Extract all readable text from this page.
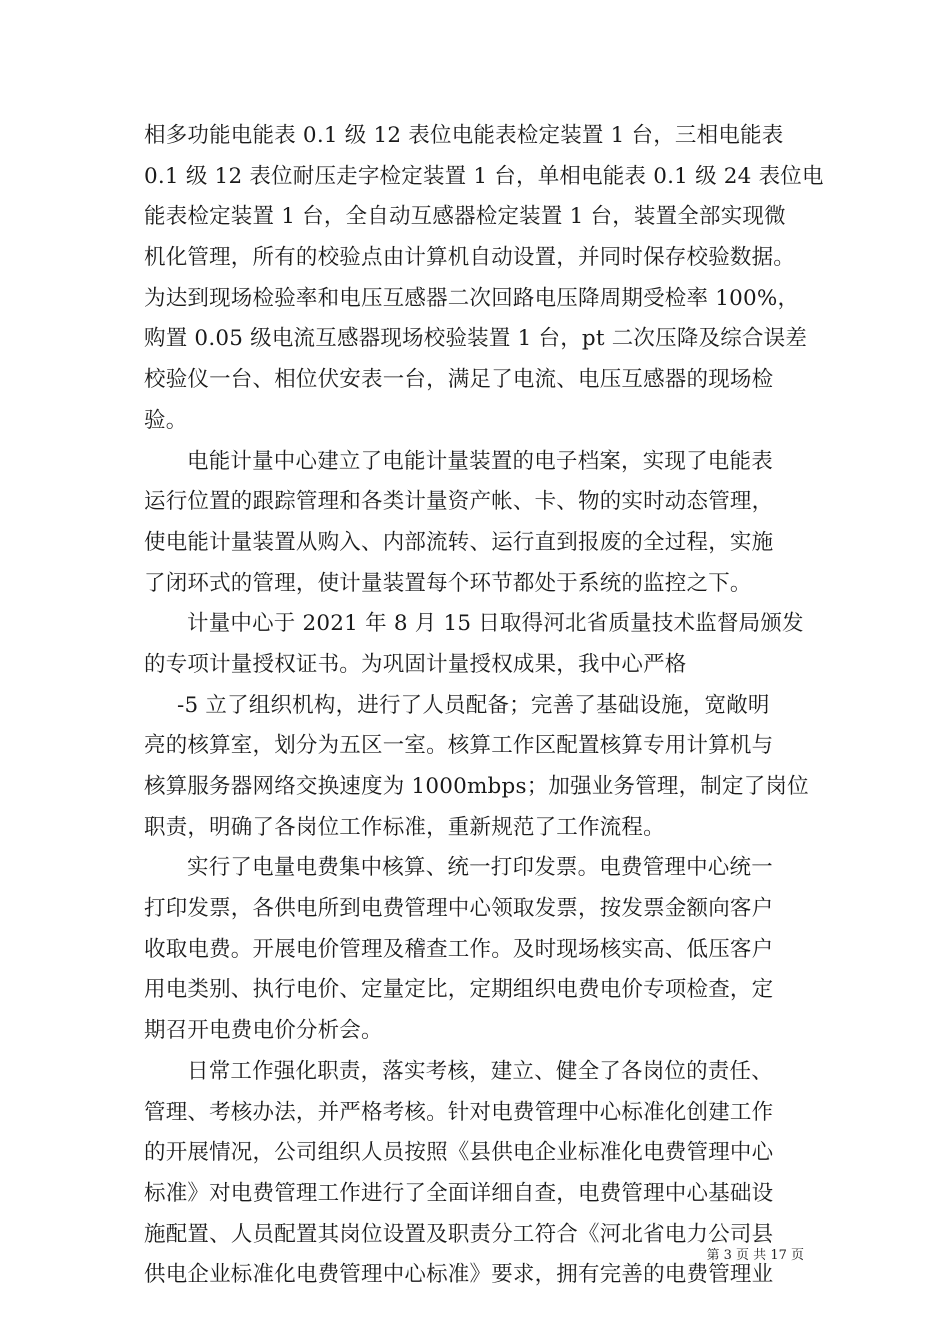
相多功能电能表 0.1 级 12 表位电能表检定装置 1 台，三相电能表
0.1 级 12 表位耐压走字检定装置 1 台，单相电能表 0.1 级 24 表位电
能表检定装置 1 台，全自动互感器检定装置 1 台，装置全部实现微
机化管理，所有的校验点由计算机自动设置，并同时保存校验数据。
为达到现场检验率和电压互感器二次回路电压降周期受检率 100%，
购置 0.05 级电流互感器现场校验装置 1 台，pt 二次压降及综合误差
校验仪一台、相位伏安表一台，满足了电流、电压互感器的现场检
验。
电能计量中心建立了电能计量装置的电子档案，实现了电能表
运行位置的跟踪管理和各类计量资产帐、卡、物的实时动态管理，
使电能计量装置从购入、内部流转、运行直到报废的全过程，实施
了闭环式的管理，使计量装置每个环节都处于系统的监控之下。
计量中心于 2021 年 8 月 15 日取得河北省质量技术监督局颁发
的专项计量授权证书。为巩固计量授权成果，我中心严格
-5 立了组织机构，进行了人员配备；完善了基础设施，宽敞明
亮的核算室，划分为五区一室。核算工作区配置核算专用计算机与
核算服务器网络交换速度为 1000mbps；加强业务管理，制定了岗位
职责，明确了各岗位工作标准，重新规范了工作流程。
实行了电量电费集中核算、统一打印发票。电费管理中心统一
打印发票，各供电所到电费管理中心领取发票，按发票金额向客户
收取电费。开展电价管理及稽查工作。及时现场核实高、低压客户
用电类别、执行电价、定量定比，定期组织电费电价专项检查，定
期召开电费电价分析会。
日常工作强化职责，落实考核，建立、健全了各岗位的责任、
管理、考核办法，并严格考核。针对电费管理中心标准化创建工作
的开展情况，公司组织人员按照《县供电企业标准化电费管理中心
标准》对电费管理工作进行了全面详细自查，电费管理中心基础设
施配置、人员配置其岗位设置及职责分工符合《河北省电力公司县
供电企业标准化电费管理中心标准》要求，拥有完善的电费管理业
第 3 页 共 17 页
